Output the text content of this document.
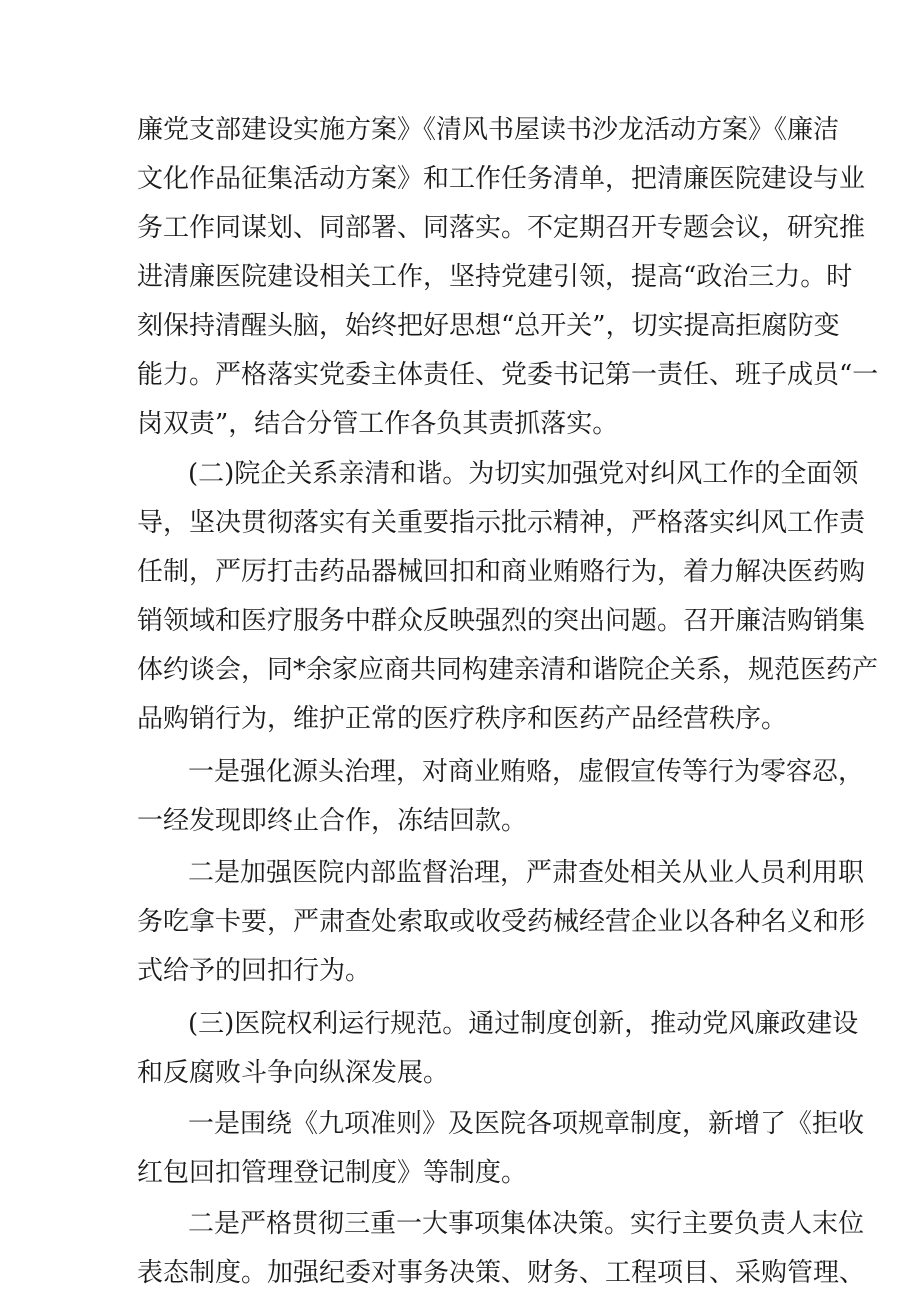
廉党支部建设实施方案》《清风书屋读书沙龙活动方案》《廉洁
文化作品征集活动方案》和工作任务清单，把清廉医院建设与业
务工作同谋划、同部署、同落实。不定期召开专题会议，研究推
进清廉医院建设相关工作，坚持党建引领，提高“政治三力。时
刻保持清醒头脑，始终把好思想“总开关”，切实提高拒腐防变
能力。严格落实党委主体责任、党委书记第一责任、班子成员“一
岗双责”，结合分管工作各负其责抓落实。
(二)院企关系亲清和谐。为切实加强党对纠风工作的全面领
导，坚决贯彻落实有关重要指示批示精神，严格落实纠风工作责
任制，严厉打击药品器械回扣和商业贿赂行为，着力解决医药购
销领域和医疗服务中群众反映强烈的突出问题。召开廉洁购销集
体约谈会，同*余家应商共同构建亲清和谐院企关系，规范医药产
品购销行为，维护正常的医疗秩序和医药产品经营秩序。
一是强化源头治理，对商业贿赂，虚假宣传等行为零容忍，
一经发现即终止合作，冻结回款。
二是加强医院内部监督治理，严肃查处相关从业人员利用职
务吃拿卡要，严肃查处索取或收受药械经营企业以各种名义和形
式给予的回扣行为。
(三)医院权利运行规范。通过制度创新，推动党风廉政建设
和反腐败斗争向纵深发展。
一是围绕《九项准则》及医院各项规章制度，新增了《拒收
红包回扣管理登记制度》等制度。
二是严格贯彻三重一大事项集体决策。实行主要负责人末位
表态制度。加强纪委对事务决策、财务、工程项目、采购管理、
